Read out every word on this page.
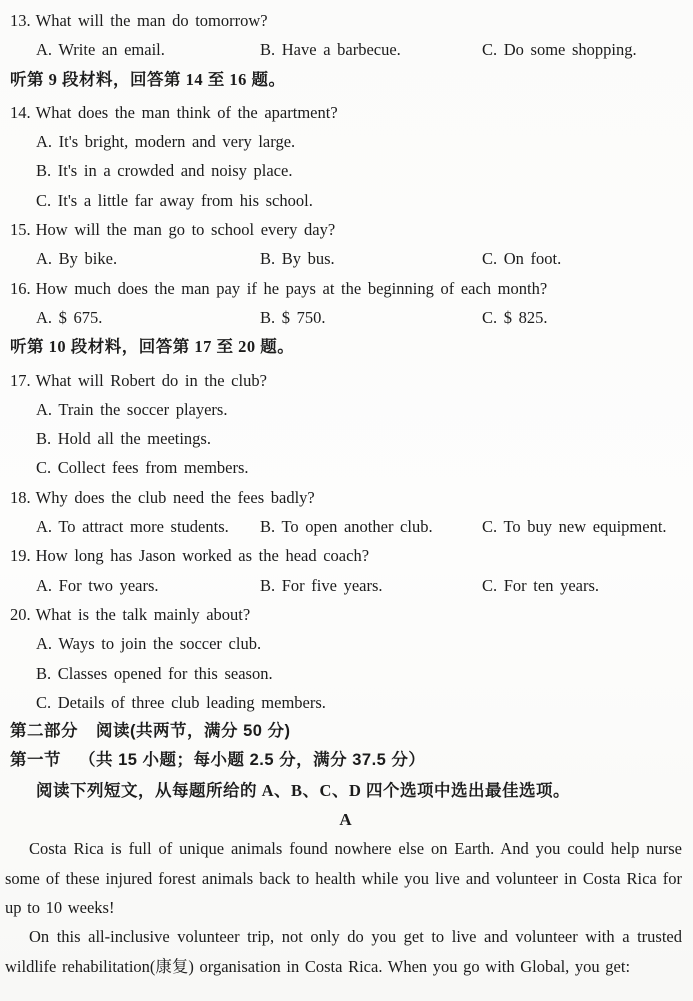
13. What will the man do tomorrow?
A. Write an email.	B. Have a barbecue.	C. Do some shopping.
听第 9 段材料，回答第 14 至 16 题。
14. What does the man think of the apartment?
A. It's bright, modern and very large.
B. It's in a crowded and noisy place.
C. It's a little far away from his school.
15. How will the man go to school every day?
A. By bike.	B. By bus.	C. On foot.
16. How much does the man pay if he pays at the beginning of each month?
A. $ 675.	B. $ 750.	C. $ 825.
听第 10 段材料，回答第 17 至 20 题。
17. What will Robert do in the club?
A. Train the soccer players.
B. Hold all the meetings.
C. Collect fees from members.
18. Why does the club need the fees badly?
A. To attract more students.	B. To open another club.	C. To buy new equipment.
19. How long has Jason worked as the head coach?
A. For two years.	B. For five years.	C. For ten years.
20. What is the talk mainly about?
A. Ways to join the soccer club.
B. Classes opened for this season.
C. Details of three club leading members.
第二部分 阅读(共两节，满分 50 分)
第一节 （共 15 小题；每小题 2.5 分，满分 37.5 分）
阅读下列短文，从每题所给的 A、B、C、D 四个选项中选出最佳选项。
A
Costa Rica is full of unique animals found nowhere else on Earth. And you could help nurse some of these injured forest animals back to health while you live and volunteer in Costa Rica for up to 10 weeks!
On this all-inclusive volunteer trip, not only do you get to live and volunteer with a trusted wildlife rehabilitation(康复) organisation in Costa Rica. When you go with Global, you get:
